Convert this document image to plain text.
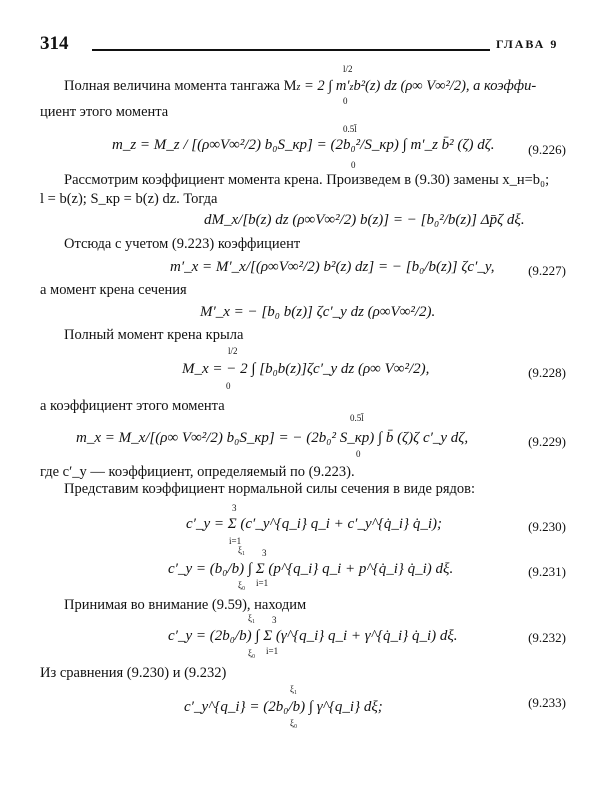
314	ГЛАВА 9
Полная величина момента тангажа Mz = 2 ∫ m′zb²(z) dz (ρ∞ V∞²/2), а коэффи-
l/2
0
циент этого момента
m_z = M_z / [(ρ∞V∞²/2) b₀S_кр] = (2b₀²/S_кр) ∫ m′_z b̄² (ζ) dζ.
0.5l̄
0
(9.226)
Рассмотрим коэффициент момента крена. Произведем в (9.30) замены x_н=b₀;
l = b(z); S_кр = b(z) dz. Тогда
dM_x/[b(z) dz (ρ∞V∞²/2) b(z)] = − [b₀²/b(z)] Δp̄ζ dξ.
Отсюда с учетом (9.223) коэффициент
m′_x = M′_x/[(ρ∞V∞²/2) b²(z) dz] = − [b₀/b(z)] ζc′_y,	(9.227)
а момент крена сечения
M′_x = − [b₀ b(z)] ζc′_y dz (ρ∞V∞²/2).
Полный момент крена крыла
M_x = − 2 ∫ [b₀b(z)]ζc′_y dz (ρ∞ V∞²/2),
l/2
0
(9.228)
а коэффициент этого момента
m_x = M_x/[(ρ∞ V∞²/2) b₀S_кр] = − (2b₀² S_кр) ∫ b̄ (ζ)ζ c′_y dζ,
0.5l̄
0
(9.229)
где c′_y — коэффициент, определяемый по (9.223).
Представим коэффициент нормальной силы сечения в виде рядов:
c′_y = Σ (c′_y^{q_i} q_i + c′_y^{q̇_i} q̇_i);
3
i=1
(9.230)
c′_y = (b₀/b) ∫ Σ (p^{q_i} q_i + p^{q̇_i} q̇_i) dξ.
ξ₁
ξ₀
3
i=1
(9.231)
Принимая во внимание (9.59), находим
c′_y = (2b₀/b) ∫ Σ (γ^{q_i} q_i + γ^{q̇_i} q̇_i) dξ.
ξ₁
ξ₀
3
i=1
(9.232)
Из сравнения (9.230) и (9.232)
c′_y^{q_i} = (2b₀/b) ∫ γ^{q_i} dξ;
ξ₁
ξ₀
(9.233)
